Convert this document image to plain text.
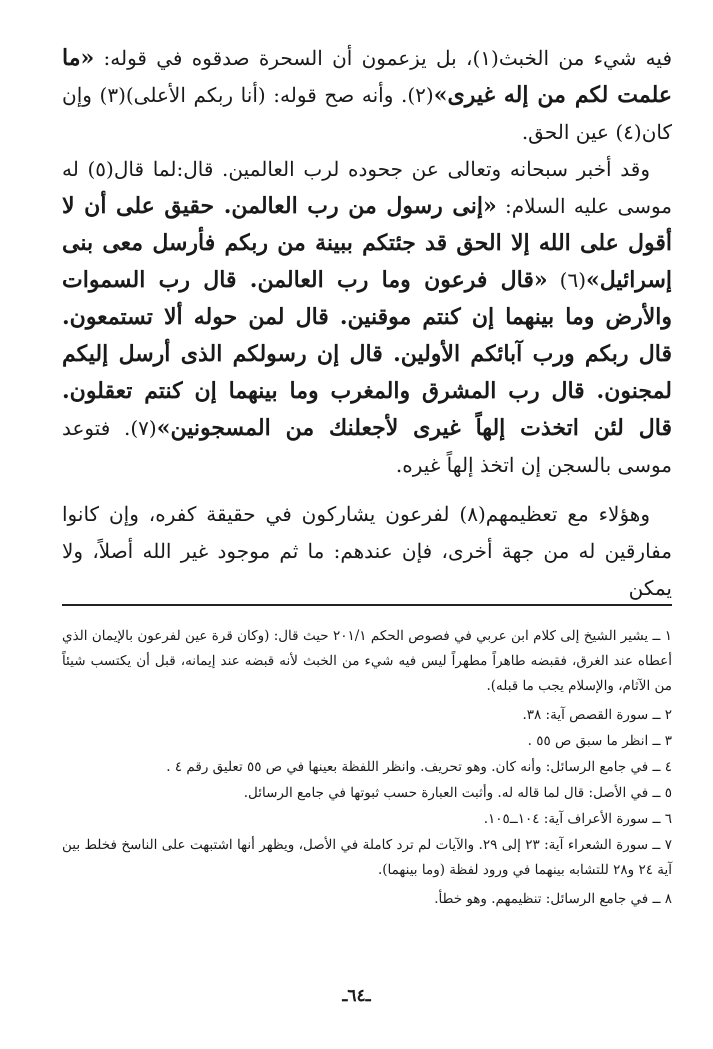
فيه شيء من الخبث(١)، بل يزعمون أن السحرة صدقوه في قوله: «ما علمت لكم من إله غيرى»(٢). وأنه صح قوله: (أنا ربكم الأعلى)(٣) وإن كان(٤) عين الحق.

وقد أخبر سبحانه وتعالى عن جحوده لرب العالمين. قال:لما قال(٥) له موسى عليه السلام: «إنى رسول من رب العالمن. حقيق على أن لا أقول على الله إلا الحق قد جئتكم ببينة من ربكم فأرسل معى بنى إسرائيل»(٦) «قال فرعون وما رب العالمن. قال رب السموات والأرض وما بينهما إن كنتم موقنين. قال لمن حوله ألا تستمعون. قال ربكم ورب آبائكم الأولين. قال إن رسولكم الذى أرسل إليكم لمجنون. قال رب المشرق والمغرب وما بينهما إن كنتم تعقلون. قال لئن اتخذت إلهاً غيرى لأجعلنك من المسجونين»(٧). فتوعد موسى بالسجن إن اتخذ إلهاً غيره.

وهؤلاء مع تعظيمهم(٨) لفرعون يشاركون في حقيقة كفره، وإن كانوا مفارقين له من جهة أخرى، فإن عندهم: ما ثم موجود غير الله أصلاً، ولا يمكن

١ ــ يشير الشيخ إلى كلام ابن عربي في فصوص الحكم ٢٠١/١ حيث قال: (وكان قرة عين لفرعون بالإيمان الذي أعطاه عند الغرق، فقبضه طاهراً مطهراً ليس فيه شيء من الخبث لأنه قبضه عند إيمانه، قبل أن يكتسب شيئاً من الآثام، والإسلام يجب ما قبله).

٢ ــ سورة القصص آية: ٣٨.

٣ ــ انظر ما سبق ص ٥٥ .

٤ ــ في جامع الرسائل: وأنه كان. وهو تحريف. وانظر اللفظة بعينها في ص ٥٥ تعليق رقم ٤ .

٥ ــ في الأصل: قال لما قاله له. وأثبت العبارة حسب ثبوتها في جامع الرسائل.

٦ ــ سورة الأعراف آية: ١٠٤ــ١٠٥.

٧ ــ سورة الشعراء آية: ٢٣ إلى ٢٩. والآيات لم ترد كاملة في الأصل، ويظهر أنها اشتبهت على الناسخ فخلط بين آية ٢٤ و٢٨ للتشابه بينهما في ورود لفظة (وما بينهما).

٨ ــ في جامع الرسائل: تنظيمهم. وهو خطأ.

ـ٦٤ـ
